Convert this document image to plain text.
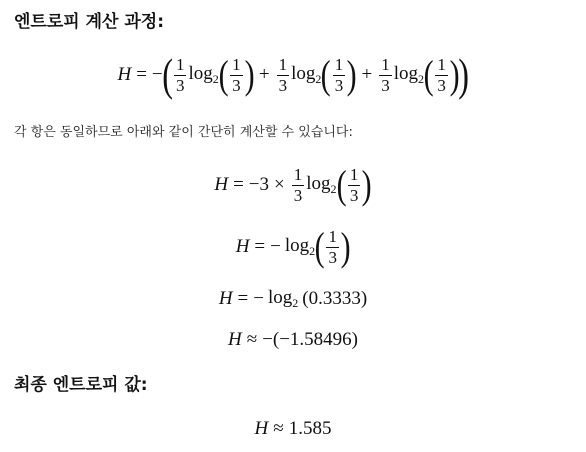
엔트로피 계산 과정:
H = − ( $\frac{1}{3} \log_2$ ( $\frac{1}{3}$ ) + $\frac{1}{3} \log_2$ ( $\frac{1}{3}$ ) + $\frac{1}{3} \log_2$ ( $\frac{1}{3}$ )
)
각 항은 동일하므로 아래와 같이 간단히 계산할 수 있습니다:
$H = -3 \times \frac{1}{3} \log_2$ ( $\frac{1}{3}$ )
H = − $\log_2$ ( $\frac{1}{3}$ )
H = − $\log_2 (0.3333)$
H ≈ −(−1.58496)
최종 엔트로피 값:
H ≈ 1.585
